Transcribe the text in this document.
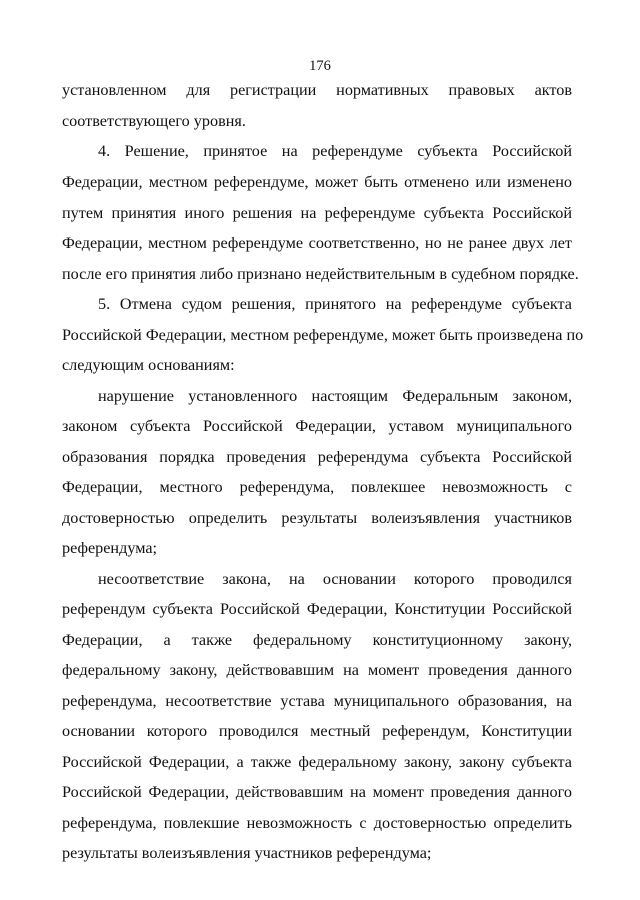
176
установленном для регистрации нормативных правовых актов
соответствующего уровня.
4. Решение, принятое на референдуме субъекта Российской
Федерации, местном референдуме, может быть отменено или изменено
путем принятия иного решения на референдуме субъекта Российской
Федерации, местном референдуме соответственно, но не ранее двух лет
после его принятия либо признано недействительным в судебном порядке.
5. Отмена судом решения, принятого на референдуме субъекта
Российской Федерации, местном референдуме, может быть произведена по
следующим основаниям:
нарушение установленного настоящим Федеральным законом,
законом субъекта Российской Федерации, уставом муниципального
образования порядка проведения референдума субъекта Российской
Федерации, местного референдума, повлекшее невозможность с
достоверностью определить результаты волеизъявления участников
референдума;
несоответствие закона, на основании которого проводился
референдум субъекта Российской Федерации, Конституции Российской
Федерации, а также федеральному конституционному закону,
федеральному закону, действовавшим на момент проведения данного
референдума, несоответствие устава муниципального образования, на
основании которого проводился местный референдум, Конституции
Российской Федерации, а также федеральному закону, закону субъекта
Российской Федерации, действовавшим на момент проведения данного
референдума, повлекшие невозможность с достоверностью определить
результаты волеизъявления участников референдума;
